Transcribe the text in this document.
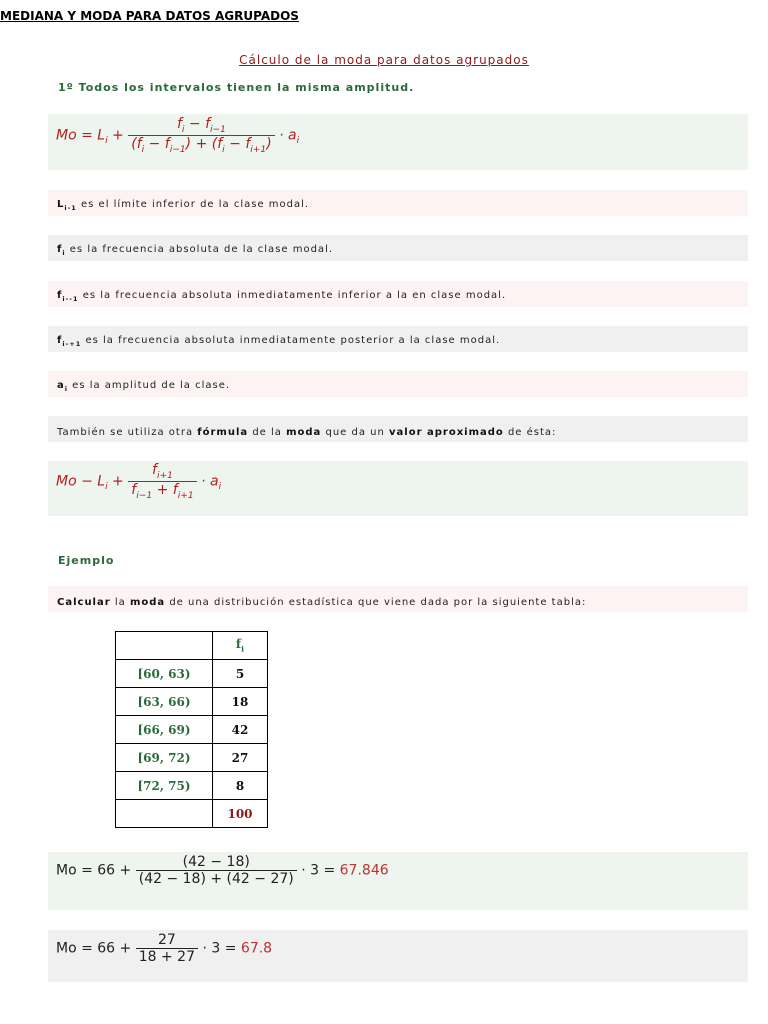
MEDIANA Y MODA PARA DATOS AGRUPADOS
Cálculo de la moda para datos agrupados
1º Todos los intervalos tienen la misma amplitud.
$Mo = L_i + \frac{f_i - f_{i-1}}{(f_i - f_{i-1}) + (f_i - f_{i+1})} \cdot a_i$
$L_{i-1}$ es el límite inferior de la clase modal.
$f_i$ es la frecuencia absoluta de la clase modal.
$f_{i--1}$ es la frecuencia absoluta inmediatamente inferior a la en clase modal.
$f_{i-+1}$ es la frecuencia absoluta inmediatamente posterior a la clase modal.
$a_i$ es la amplitud de la clase.
También se utiliza otra fórmula de la moda que da un valor aproximado de ésta:
$Mo - L_i + \frac{f_{i+1}}{f_{i-1} + f_{i+1}} \cdot a_i$
Ejemplo
Calcular la moda de una distribución estadística que viene dada por la siguiente tabla:
	$f_i$
[60, 63)	5
[63, 66)	18
[66, 69)	42
[69, 72)	27
[72, 75)	8
	100
$Mo = 66 + \frac{(42 - 18)}{(42 - 18) + (42 - 27)} \cdot 3 = 67.846$
$Mo = 66 + \frac{27}{18 + 27} \cdot 3 = 67.8$
